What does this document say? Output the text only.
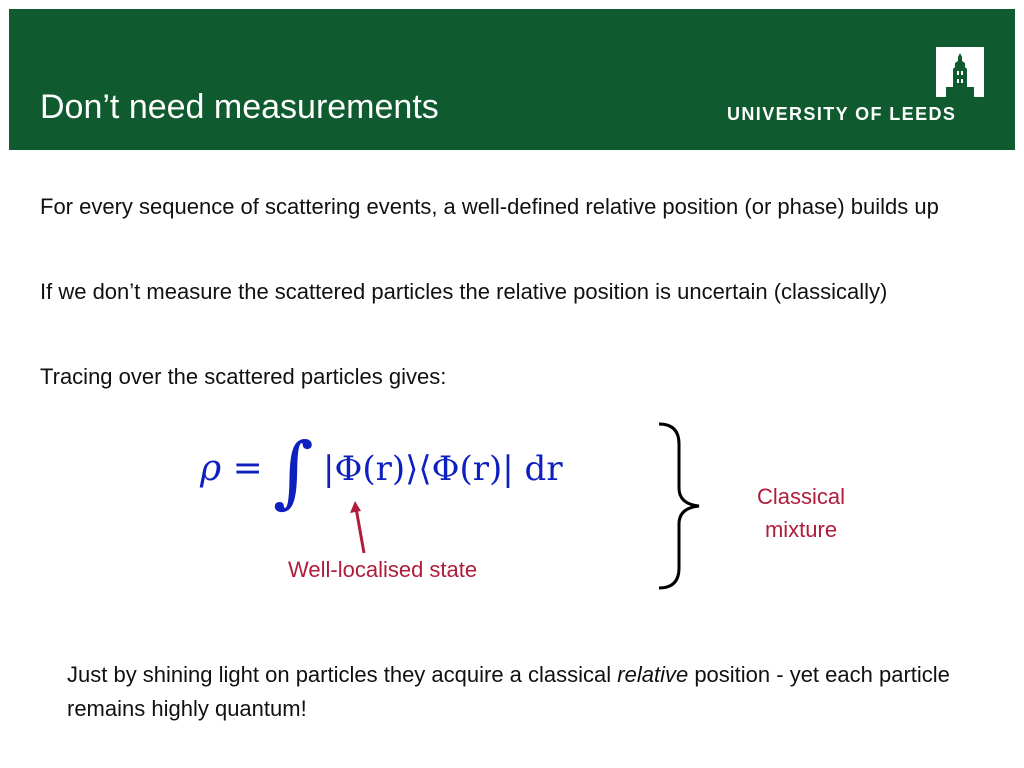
Don’t need measurements	UNIVERSITY OF LEEDS
For every sequence of scattering events, a well-defined relative position (or phase) builds up
If we don’t measure the scattered particles the relative position is uncertain (classically)
Tracing over the scattered particles gives:
ρ = ∫ |Φ(r)⟩⟨Φ(r)| dr
Well-localised state
Classical
mixture
Just by shining light on particles they acquire a classical relative position - yet each particle remains highly quantum!
